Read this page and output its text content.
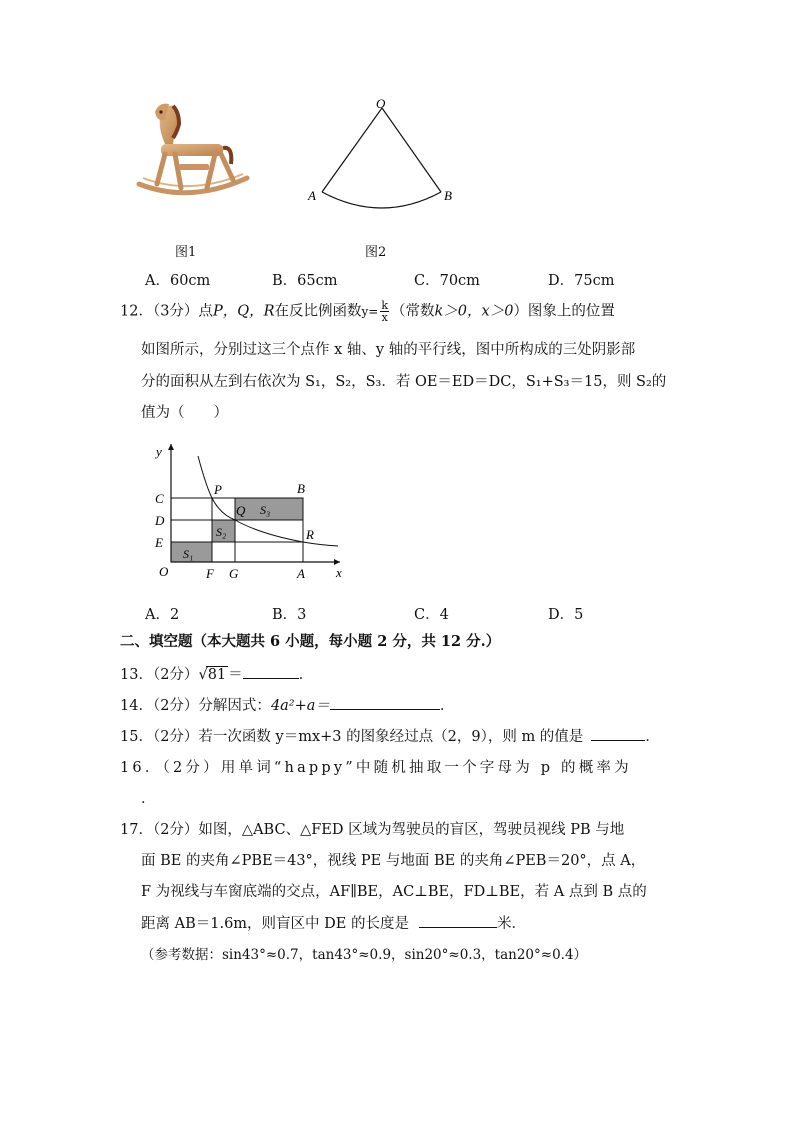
O
A	B
图1	图2
A．60cm	B．65cm	C．70cm	D．75cm
12．（3分）点P，Q，R在反比例函数$y= \frac{k}{x}$ （常数k＞0，x＞0）图象上的位置
如图所示，分别过这三个点作 x 轴、y 轴的平行线，图中所构成的三处阴影部
分的面积从左到右依次为 S₁，S₂，S₃．若 OE＝ED＝DC，S₁+S₃＝15，则 S₂的
值为（　　）
y
x
O
C
D
E
F G	A
B
P
Q
R
S₁
S₂
S₃
A．2	B．3	C．4	D．5
二、填空题（本大题共 6 小题，每小题 2 分，共 12 分.）
13．（2分）√81 ＝	．
14．（2分）分解因式：4a²+a＝	．
15．（2分）若一次函数 y＝mx+3 的图象经过点（2，9），则 m 的值是	．
16．（2分）用单词“happy”中随机抽取一个字母为 p 的概率为
．
17．（2分）如图，△ABC、△FED 区域为驾驶员的盲区，驾驶员视线 PB 与地
面 BE 的夹角∠PBE＝43°，视线 PE 与地面 BE 的夹角∠PEB＝20°，点 A，
F 为视线与车窗底端的交点，AF∥BE，AC⊥BE，FD⊥BE，若 A 点到 B 点的
距离 AB＝1.6m，则盲区中 DE 的长度是	米．
（参考数据：sin43°≈0.7，tan43°≈0.9，sin20°≈0.3，tan20°≈0.4）
